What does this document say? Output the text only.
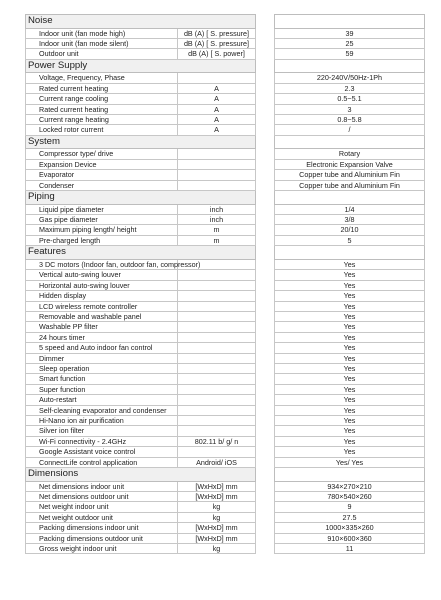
Noise			
Indoor unit (fan mode high)	dB (A) [ S. pressure]		39
Indoor unit (fan mode silent)	dB (A) [ S. pressure]		25
Outdoor unit	dB (A) [ S. power]		59
Power Supply			
Voltage, Frequency, Phase			220-240V/50Hz-1Ph
Rated current heating	A		2.3
Current range cooling	A		0.5~5.1
Rated current heating	A		3
Current range heating	A		0.8~5.8
Locked rotor current	A		/
System			
Compressor type/ drive			Rotary
Expansion Device			Electronic Expansion Valve
Evaporator			Copper tube and Aluminium Fin
Condenser			Copper tube and Aluminium Fin
Piping			
Liquid pipe diameter	inch		1/4
Gas pipe diameter	inch		3/8
Maximum piping length/ height	m		20/10
Pre-charged length	m		5
Features			
3 DC motors (Indoor fan, outdoor fan, compressor)			Yes
Vertical auto-swing louver			Yes
Horizontal auto-swing louver			Yes
Hidden display			Yes
LCD wireless remote controller			Yes
Removable and washable panel			Yes
Washable PP filter			Yes
24 hours timer			Yes
5 speed and Auto indoor fan control			Yes
Dimmer			Yes
Sleep operation			Yes
Smart function			Yes
Super function			Yes
Auto-restart			Yes
Self-cleaning evaporator and condenser			Yes
Hi-Nano ion air purification			Yes
Silver ion filter			Yes
Wi-Fi connectivity - 2.4GHz	802.11 b/ g/ n		Yes
Google Assistant voice control			Yes
ConnectLife control application	Android/ iOS		Yes/ Yes
Dimensions			
Net dimensions indoor unit	[WxHxD] mm		934×270×210
Net dimensions outdoor unit	[WxHxD] mm		780×540×260
Net weight indoor unit	kg		9
Net weight outdoor unit	kg		27.5
Packing dimensions indoor unit	[WxHxD] mm		1000×335×260
Packing dimensions outdoor unit	[WxHxD] mm		910×600×360
Gross weight indoor unit	kg		11
